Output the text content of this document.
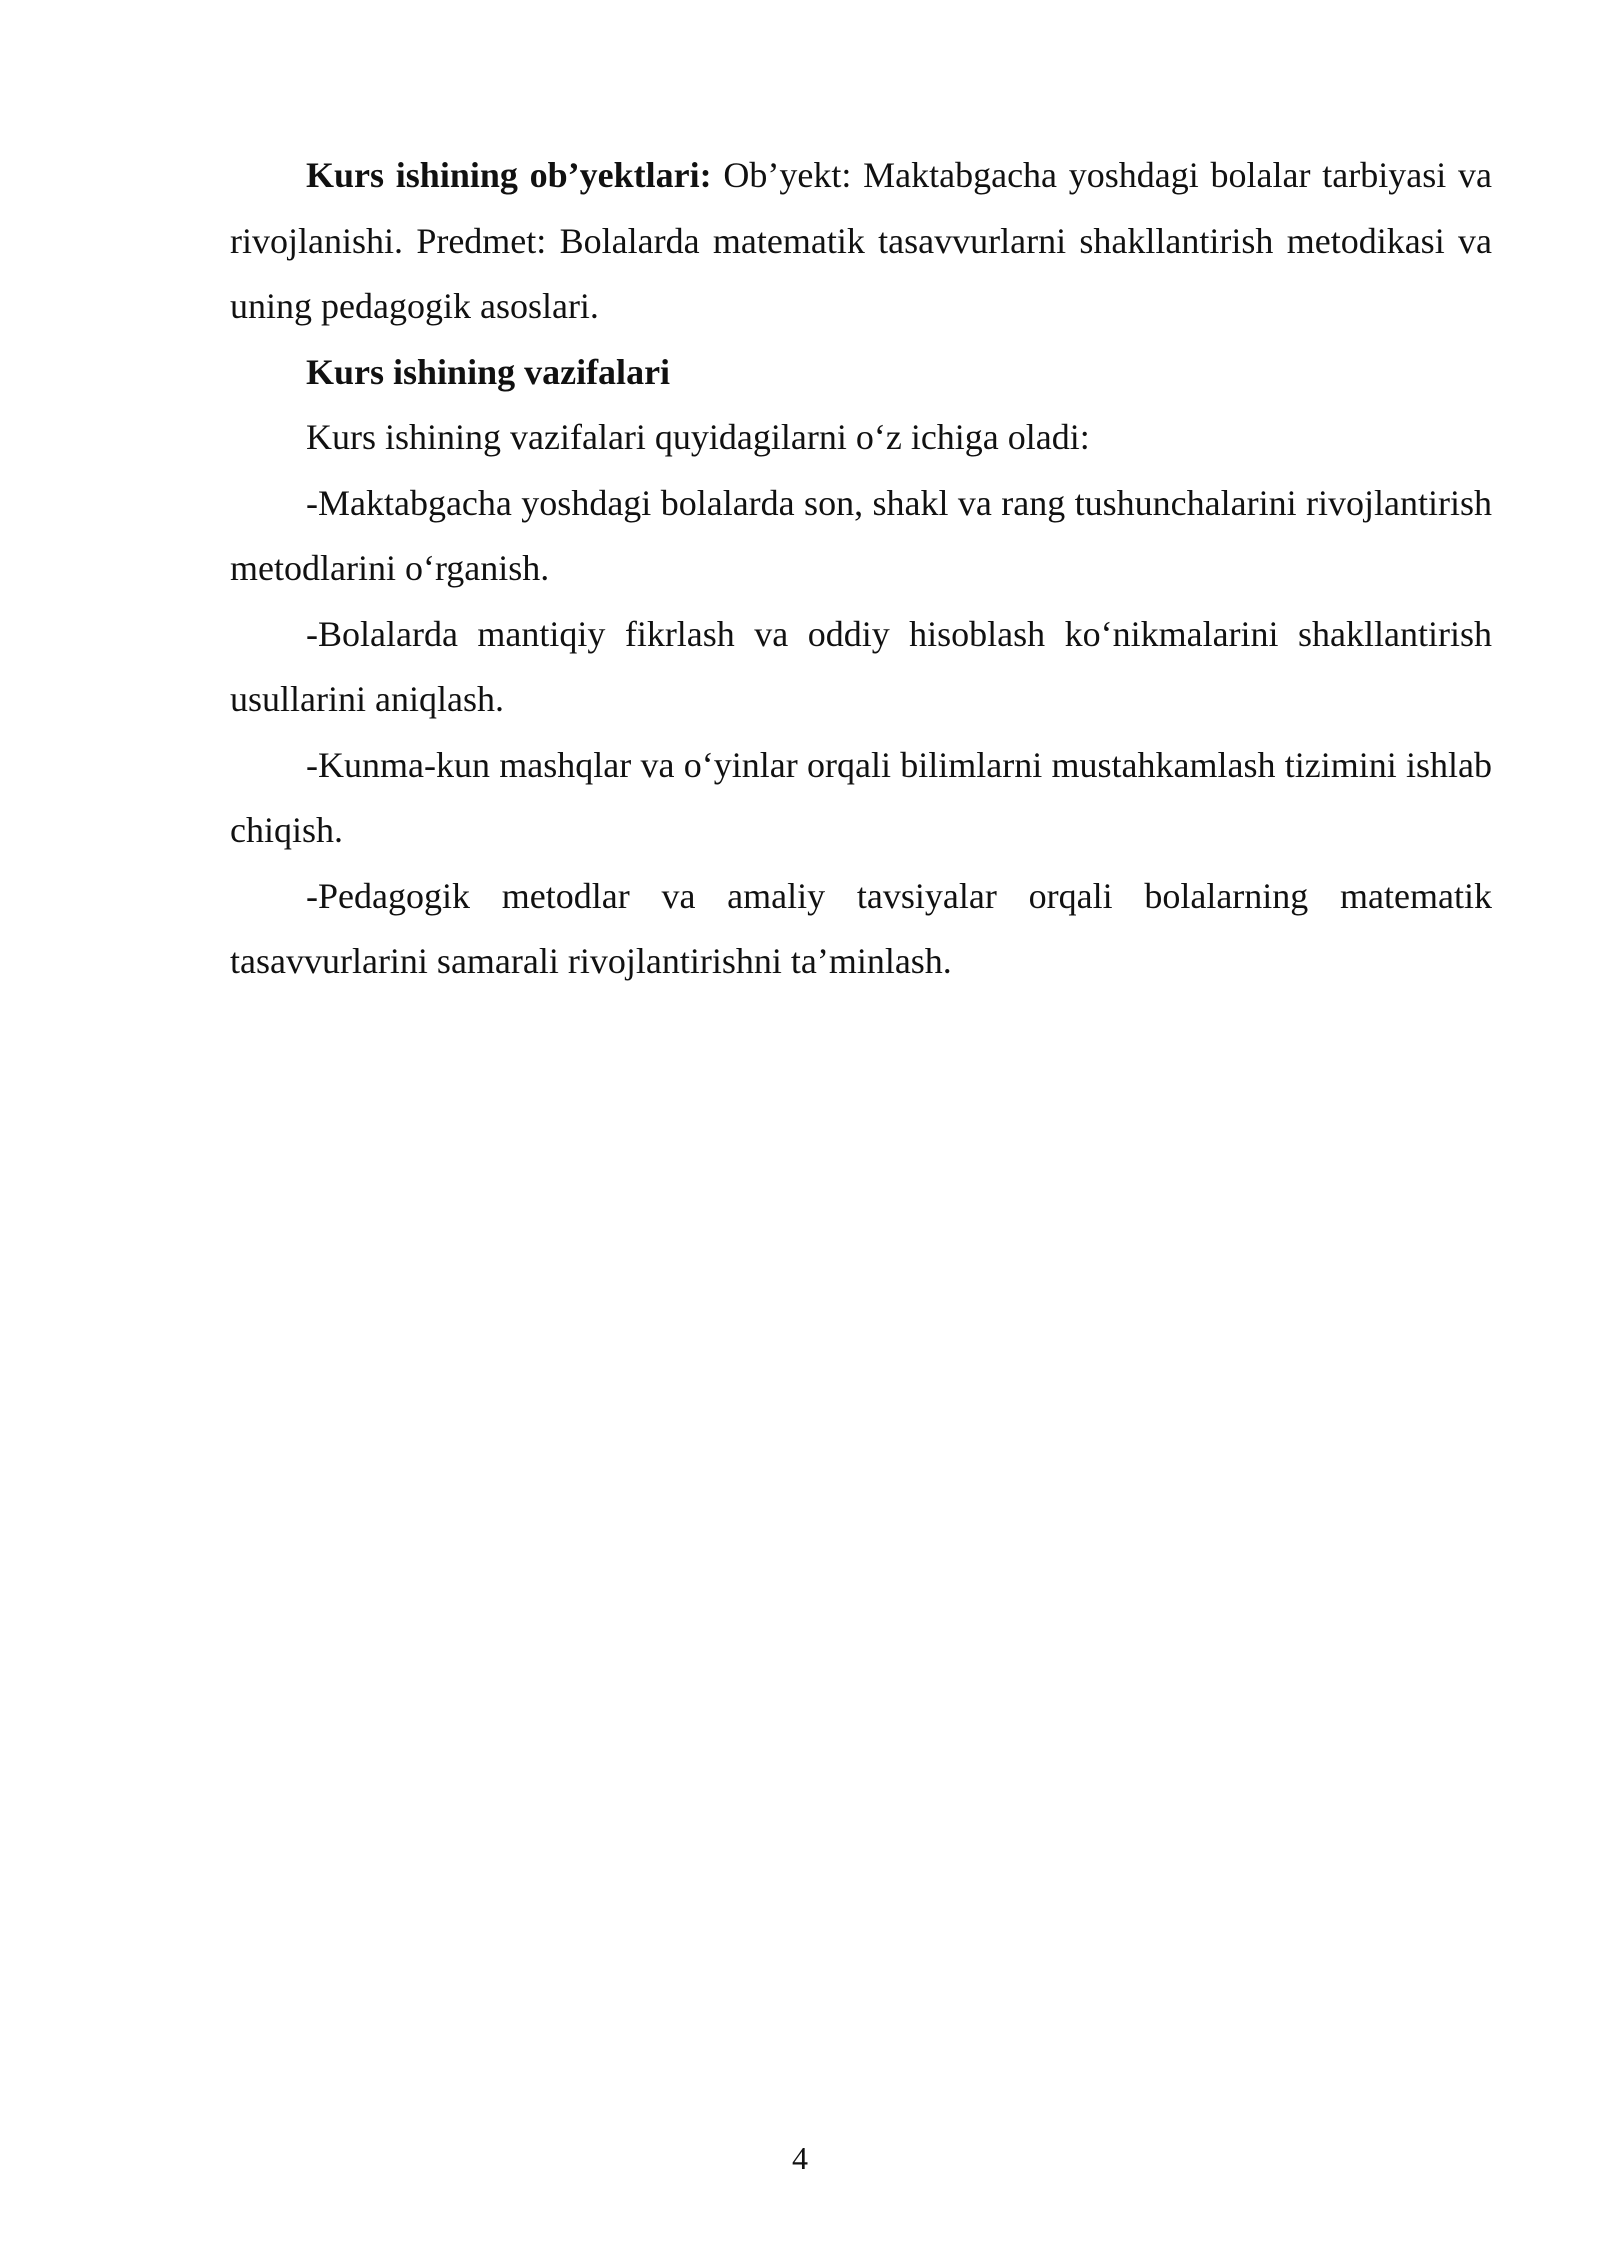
Kurs ishining ob’yektlari: Ob’yekt: Maktabgacha yoshdagi bolalar tarbiyasi va rivojlanishi. Predmet: Bolalarda matematik tasavvurlarni shakllantirish metodikasi va uning pedagogik asoslari.

Kurs ishining vazifalari

Kurs ishining vazifalari quyidagilarni o‘z ichiga oladi:

-Maktabgacha yoshdagi bolalarda son, shakl va rang tushunchalarini rivojlantirish metodlarini o‘rganish.

-Bolalarda mantiqiy fikrlash va oddiy hisoblash ko‘nikmalarini shakllantirish usullarini aniqlash.

-Kunma-kun mashqlar va o‘yinlar orqali bilimlarni mustahkamlash tizimini ishlab chiqish.

-Pedagogik metodlar va amaliy tavsiyalar orqali bolalarning matematik tasavvurlarini samarali rivojlantirishni ta’minlash.

4
